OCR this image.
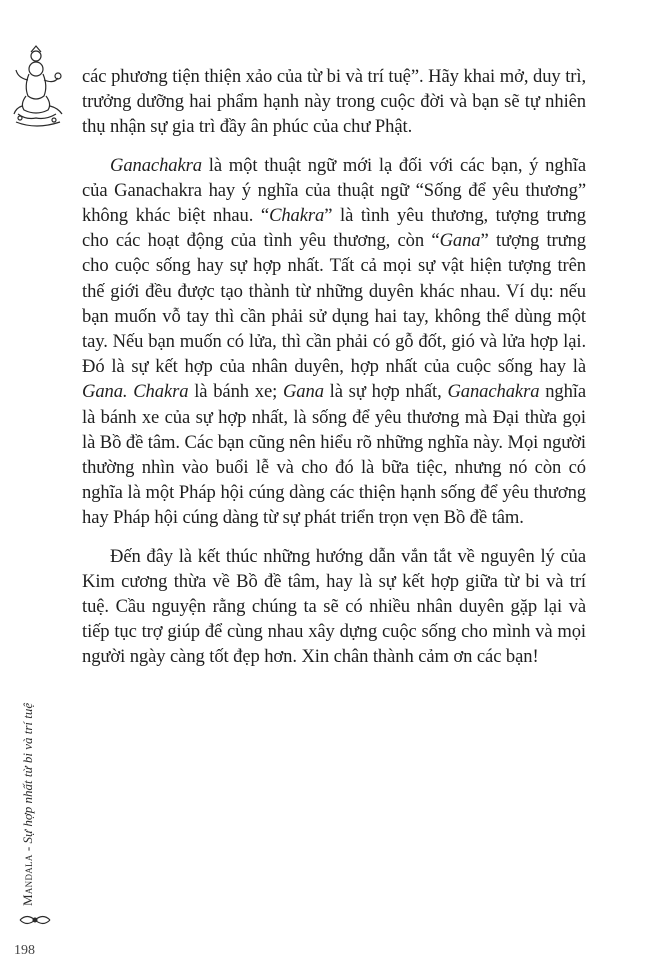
các phương tiện thiện xảo của từ bi và trí tuệ”. Hãy khai mở, duy trì, trưởng dưỡng hai phẩm hạnh này trong cuộc đời và bạn sẽ tự nhiên thụ nhận sự gia trì đầy ân phúc của chư Phật.

Ganachakra là một thuật ngữ mới lạ đối với các bạn, ý nghĩa của Ganachakra hay ý nghĩa của thuật ngữ “Sống để yêu thương” không khác biệt nhau. “Chakra” là tình yêu thương, tượng trưng cho các hoạt động của tình yêu thương, còn “Gana” tượng trưng cho cuộc sống hay sự hợp nhất. Tất cả mọi sự vật hiện tượng trên thế giới đều được tạo thành từ những duyên khác nhau. Ví dụ: nếu bạn muốn vỗ tay thì cần phải sử dụng hai tay, không thể dùng một tay. Nếu bạn muốn có lửa, thì cần phải có gỗ đốt, gió và lửa hợp lại. Đó là sự kết hợp của nhân duyên, hợp nhất của cuộc sống hay là Gana. Chakra là bánh xe; Gana là sự hợp nhất, Ganachakra nghĩa là bánh xe của sự hợp nhất, là sống để yêu thương mà Đại thừa gọi là Bồ đề tâm. Các bạn cũng nên hiểu rõ những nghĩa này. Mọi người thường nhìn vào buổi lễ và cho đó là bữa tiệc, nhưng nó còn có nghĩa là một Pháp hội cúng dàng các thiện hạnh sống để yêu thương hay Pháp hội cúng dàng từ sự phát triển trọn vẹn Bồ đề tâm.

Đến đây là kết thúc những hướng dẫn vắn tắt về nguyên lý của Kim cương thừa về Bồ đề tâm, hay là sự kết hợp giữa từ bi và trí tuệ. Cầu nguyện rằng chúng ta sẽ có nhiều nhân duyên gặp lại và tiếp tục trợ giúp để cùng nhau xây dựng cuộc sống cho mình và mọi người ngày càng tốt đẹp hơn. Xin chân thành cảm ơn các bạn!

Mandala - Sự hợp nhất từ bi và trí tuệ
198
